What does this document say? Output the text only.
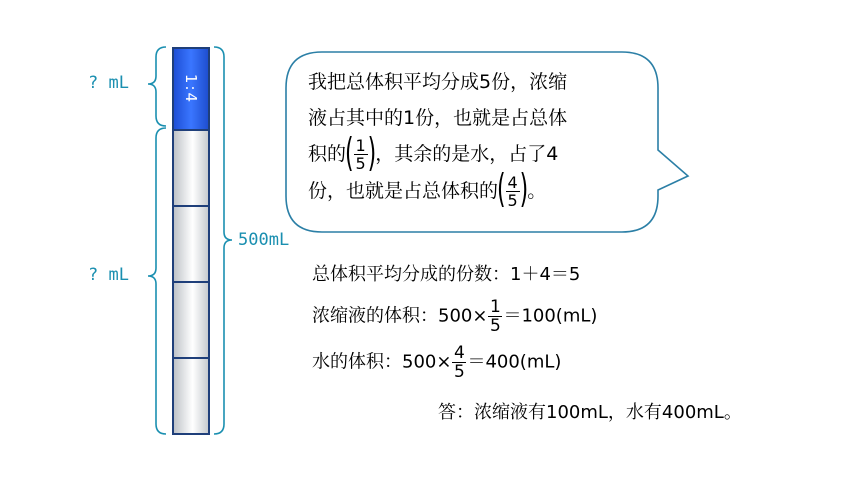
? mL
? mL
500mL
1:4	我把总体积平均分成5份，浓缩
液占其中的1份，也就是占总体
积的( $\frac{1}{5}$ )，其余的是水，占了4
份，也就是占总体积的( $\frac{4}{5}$ )。
总体积平均分成的份数：1＋4＝5
浓缩液的体积：$500\times \frac{1}{5} =100(mL)$
水的体积：$500\times \frac{4}{5} =400(mL)$
答：浓缩液有100mL，水有400mL。
